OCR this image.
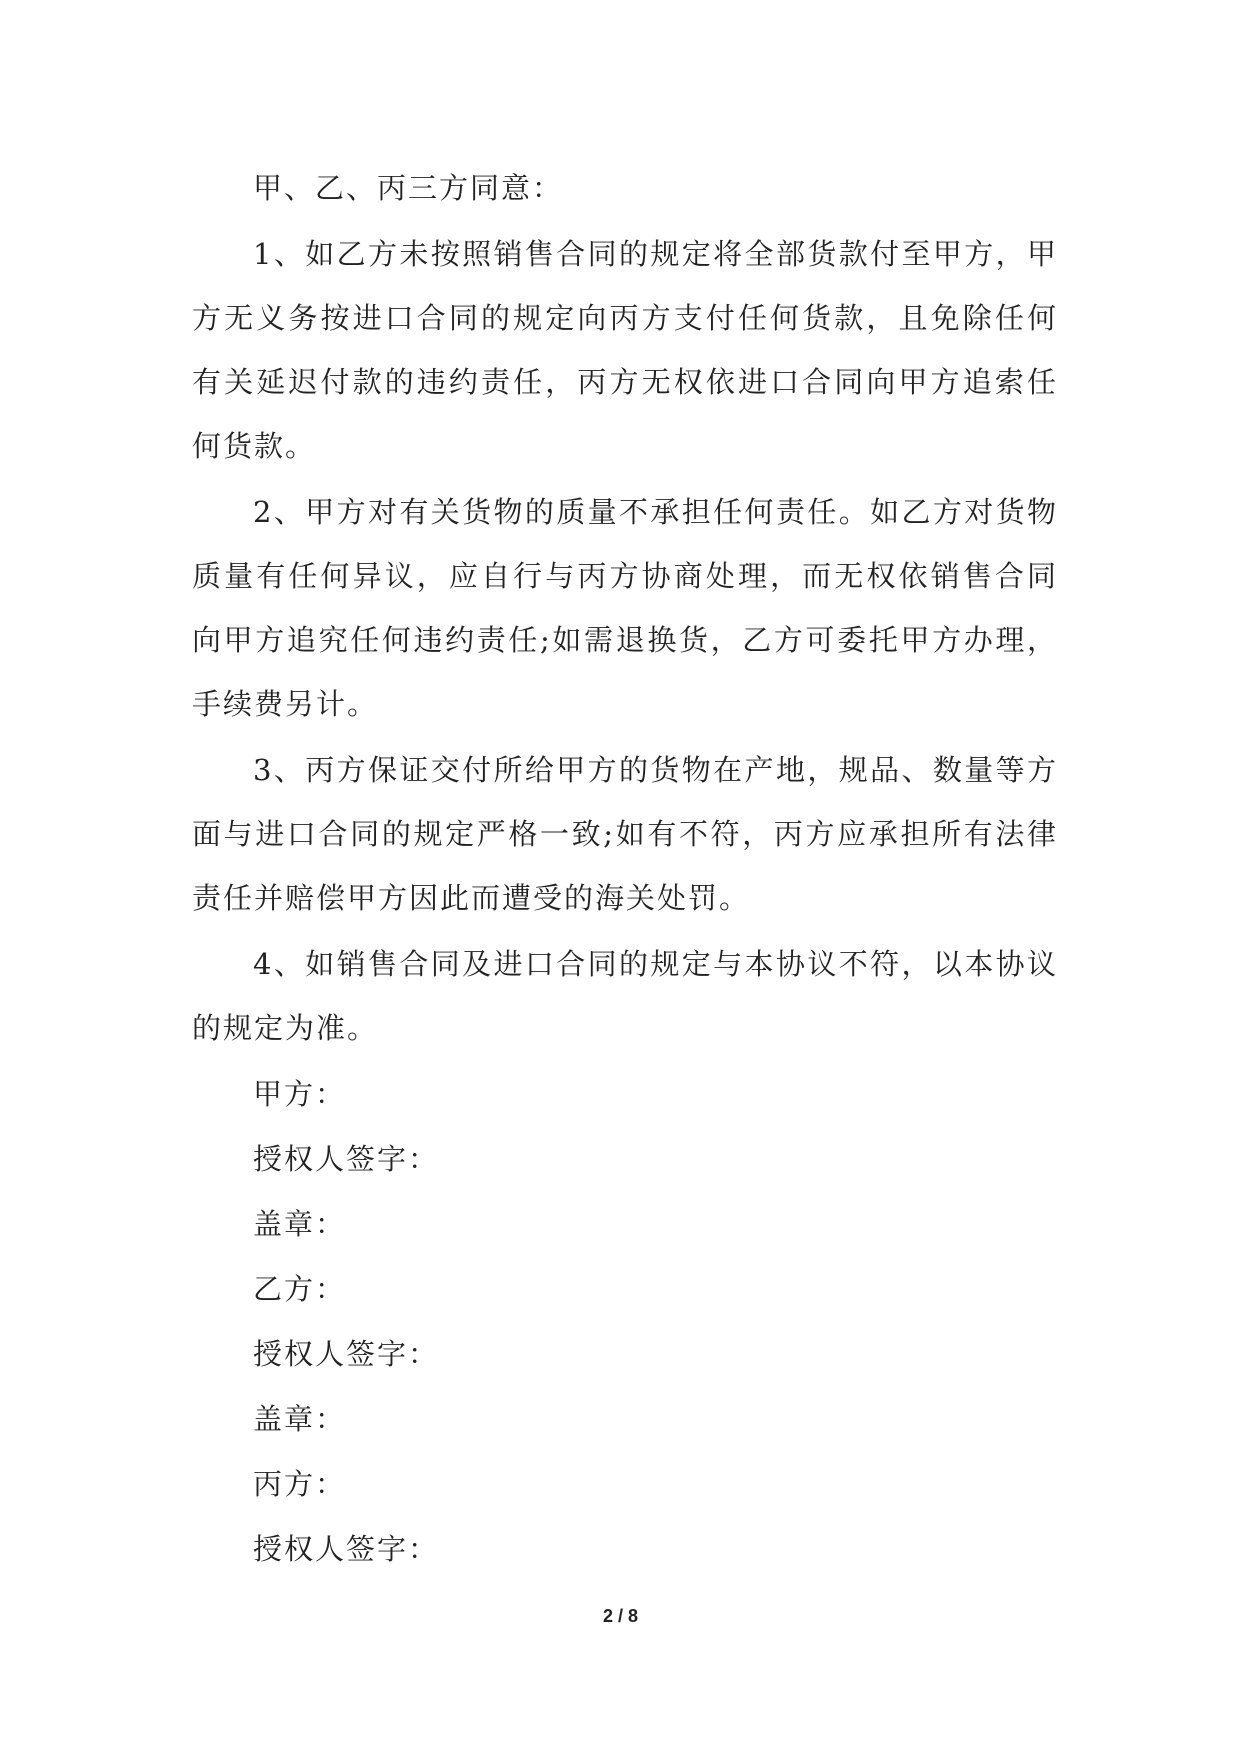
甲、乙、丙三方同意：

1、如乙方未按照销售合同的规定将全部货款付至甲方，甲方无义务按进口合同的规定向丙方支付任何货款，且免除任何有关延迟付款的违约责任，丙方无权依进口合同向甲方追索任何货款。

2、甲方对有关货物的质量不承担任何责任。如乙方对货物质量有任何异议，应自行与丙方协商处理，而无权依销售合同向甲方追究任何违约责任;如需退换货，乙方可委托甲方办理，手续费另计。

3、丙方保证交付所给甲方的货物在产地，规品、数量等方面与进口合同的规定严格一致;如有不符，丙方应承担所有法律责任并赔偿甲方因此而遭受的海关处罚。

4、如销售合同及进口合同的规定与本协议不符，以本协议的规定为准。

甲方：

授权人签字：

盖章：

乙方：

授权人签字：

盖章：

丙方：

授权人签字：

2 / 8
